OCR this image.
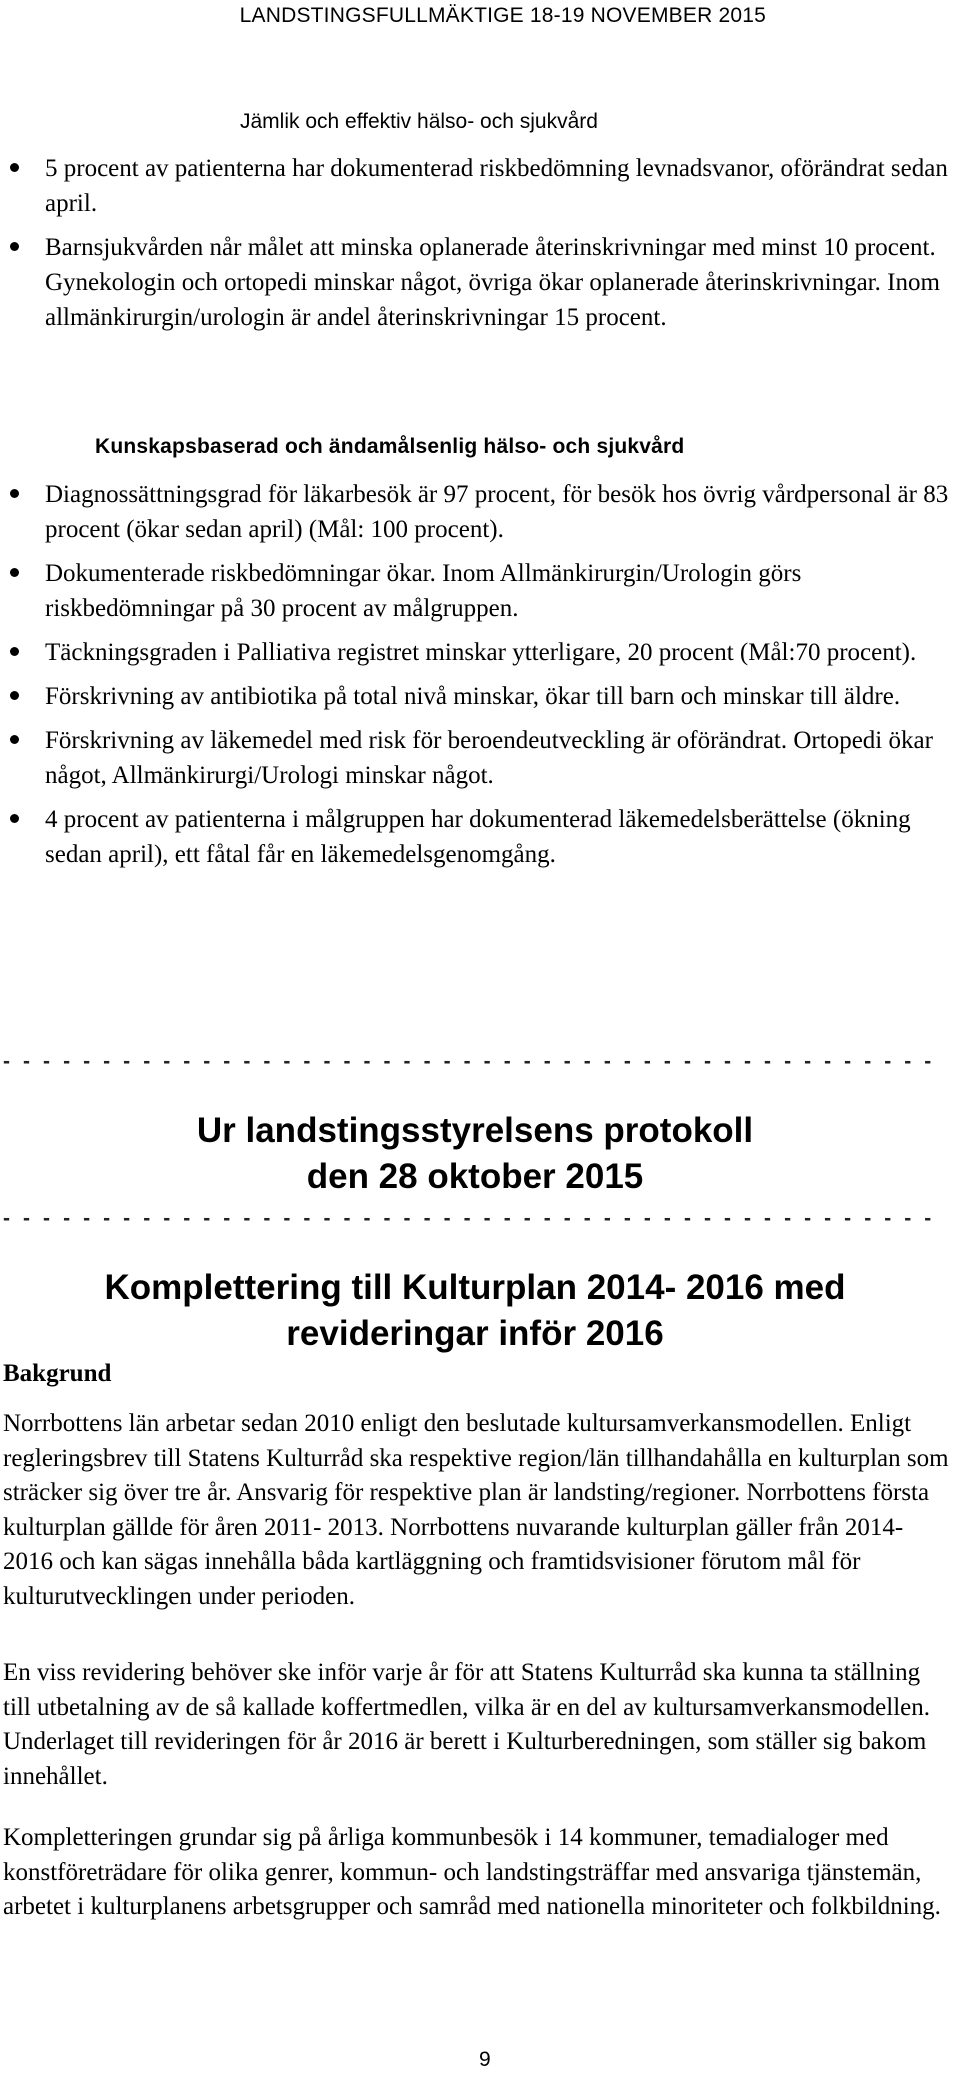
LANDSTINGSFULLMÄKTIGE 18-19 NOVEMBER 2015
Jämlik och effektiv hälso- och sjukvård
5 procent av patienterna har dokumenterad riskbedömning levnadsvanor, oförändrat sedan april.
Barnsjukvården når målet att minska oplanerade återinskrivningar med minst 10 procent. Gynekologin och ortopedi minskar något, övriga ökar oplanerade återinskrivningar. Inom allmänkirurgin/urologin är andel återinskrivningar 15 procent.
Kunskapsbaserad och ändamålsenlig hälso- och sjukvård
Diagnossättningsgrad för läkarbesök är 97 procent, för besök hos övrig vårdpersonal är 83 procent (ökar sedan april) (Mål: 100 procent).
Dokumenterade riskbedömningar ökar. Inom Allmänkirurgin/Urologin görs riskbedömningar på 30 procent av målgruppen.
Täckningsgraden i Palliativa registret minskar ytterligare, 20 procent (Mål:70 procent).
Förskrivning av antibiotika på total nivå minskar, ökar till barn och minskar till äldre.
Förskrivning av läkemedel med risk för beroendeutveckling är oförändrat. Ortopedi ökar något, Allmänkirurgi/Urologi minskar något.
4 procent av patienterna i målgruppen har dokumenterad läkemedelsberättelse (ökning sedan april), ett fåtal får en läkemedelsgenomgång.
- - - - - - - - - - - - - - - - - - - - - - - - - - - - - - - - - - - - - - - - - - - - - - -
Ur landstingsstyrelsens protokoll
den 28 oktober 2015
- - - - - - - - - - - - - - - - - - - - - - - - - - - - - - - - - - - - - - - - - - - - - - -
Komplettering till Kulturplan 2014- 2016 med
revideringar inför 2016
Bakgrund

Norrbottens län arbetar sedan 2010 enligt den beslutade kultursamverkansmodellen. Enligt regleringsbrev till Statens Kulturråd ska respektive region/län tillhandahålla en kulturplan som sträcker sig över tre år. Ansvarig för respektive plan är landsting/regioner. Norrbottens första kulturplan gällde för åren 2011- 2013. Norrbottens nuvarande kulturplan gäller från 2014- 2016 och kan sägas innehålla båda kartläggning och framtidsvisioner förutom mål för kulturutvecklingen under perioden.

En viss revidering behöver ske inför varje år för att Statens Kulturråd ska kunna ta ställning till utbetalning av de så kallade koffertmedlen, vilka är en del av kultursamverkansmodellen. Underlaget till revideringen för år 2016 är berett i Kulturberedningen, som ställer sig bakom innehållet.

Kompletteringen grundar sig på årliga kommunbesök i 14 kommuner, temadialoger med konstföreträdare för olika genrer, kommun- och landstingsträffar med ansvariga tjänstemän, arbetet i kulturplanens arbetsgrupper och samråd med nationella minoriteter och folkbildning.

9
